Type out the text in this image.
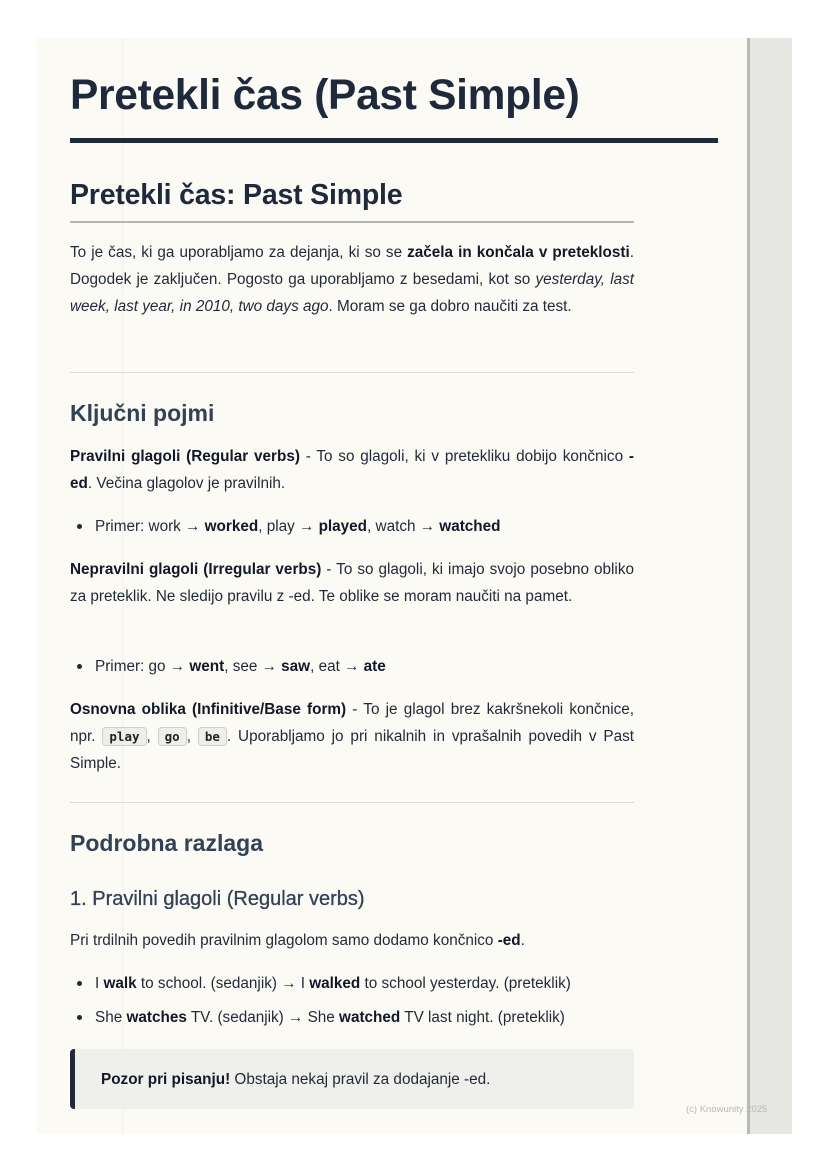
Pretekli čas (Past Simple)
Pretekli čas: Past Simple

To je čas, ki ga uporabljamo za dejanja, ki so se začela in končala v preteklosti. Dogodek je zaključen. Pogosto ga uporabljamo z besedami, kot so yesterday, last week, last year, in 2010, two days ago. Moram se ga dobro naučiti za test.

Ključni pojmi

Pravilni glagoli (Regular verbs) - To so glagoli, ki v pretekliku dobijo končnico -ed. Večina glagolov je pravilnih.

Primer: work → worked, play → played, watch → watched

Nepravilni glagoli (Irregular verbs) - To so glagoli, ki imajo svojo posebno obliko za preteklik. Ne sledijo pravilu z -ed. Te oblike se moram naučiti na pamet.

Primer: go → went, see → saw, eat → ate

Osnovna oblika (Infinitive/Base form) - To je glagol brez kakršnekoli končnice, npr. play , go , be . Uporabljamo jo pri nikalnih in vprašalnih povedih v Past Simple.

Podrobna razlaga
1. Pravilni glagoli (Regular verbs)

Pri trdilnih povedih pravilnim glagolom samo dodamo končnico -ed.

I walk to school. (sedanjik) → I walked to school yesterday. (preteklik)
She watches TV. (sedanjik) → She watched TV last night. (preteklik)

Pozor pri pisanju! Obstaja nekaj pravil za dodajanje -ed.

(c) Knowunity 2025
